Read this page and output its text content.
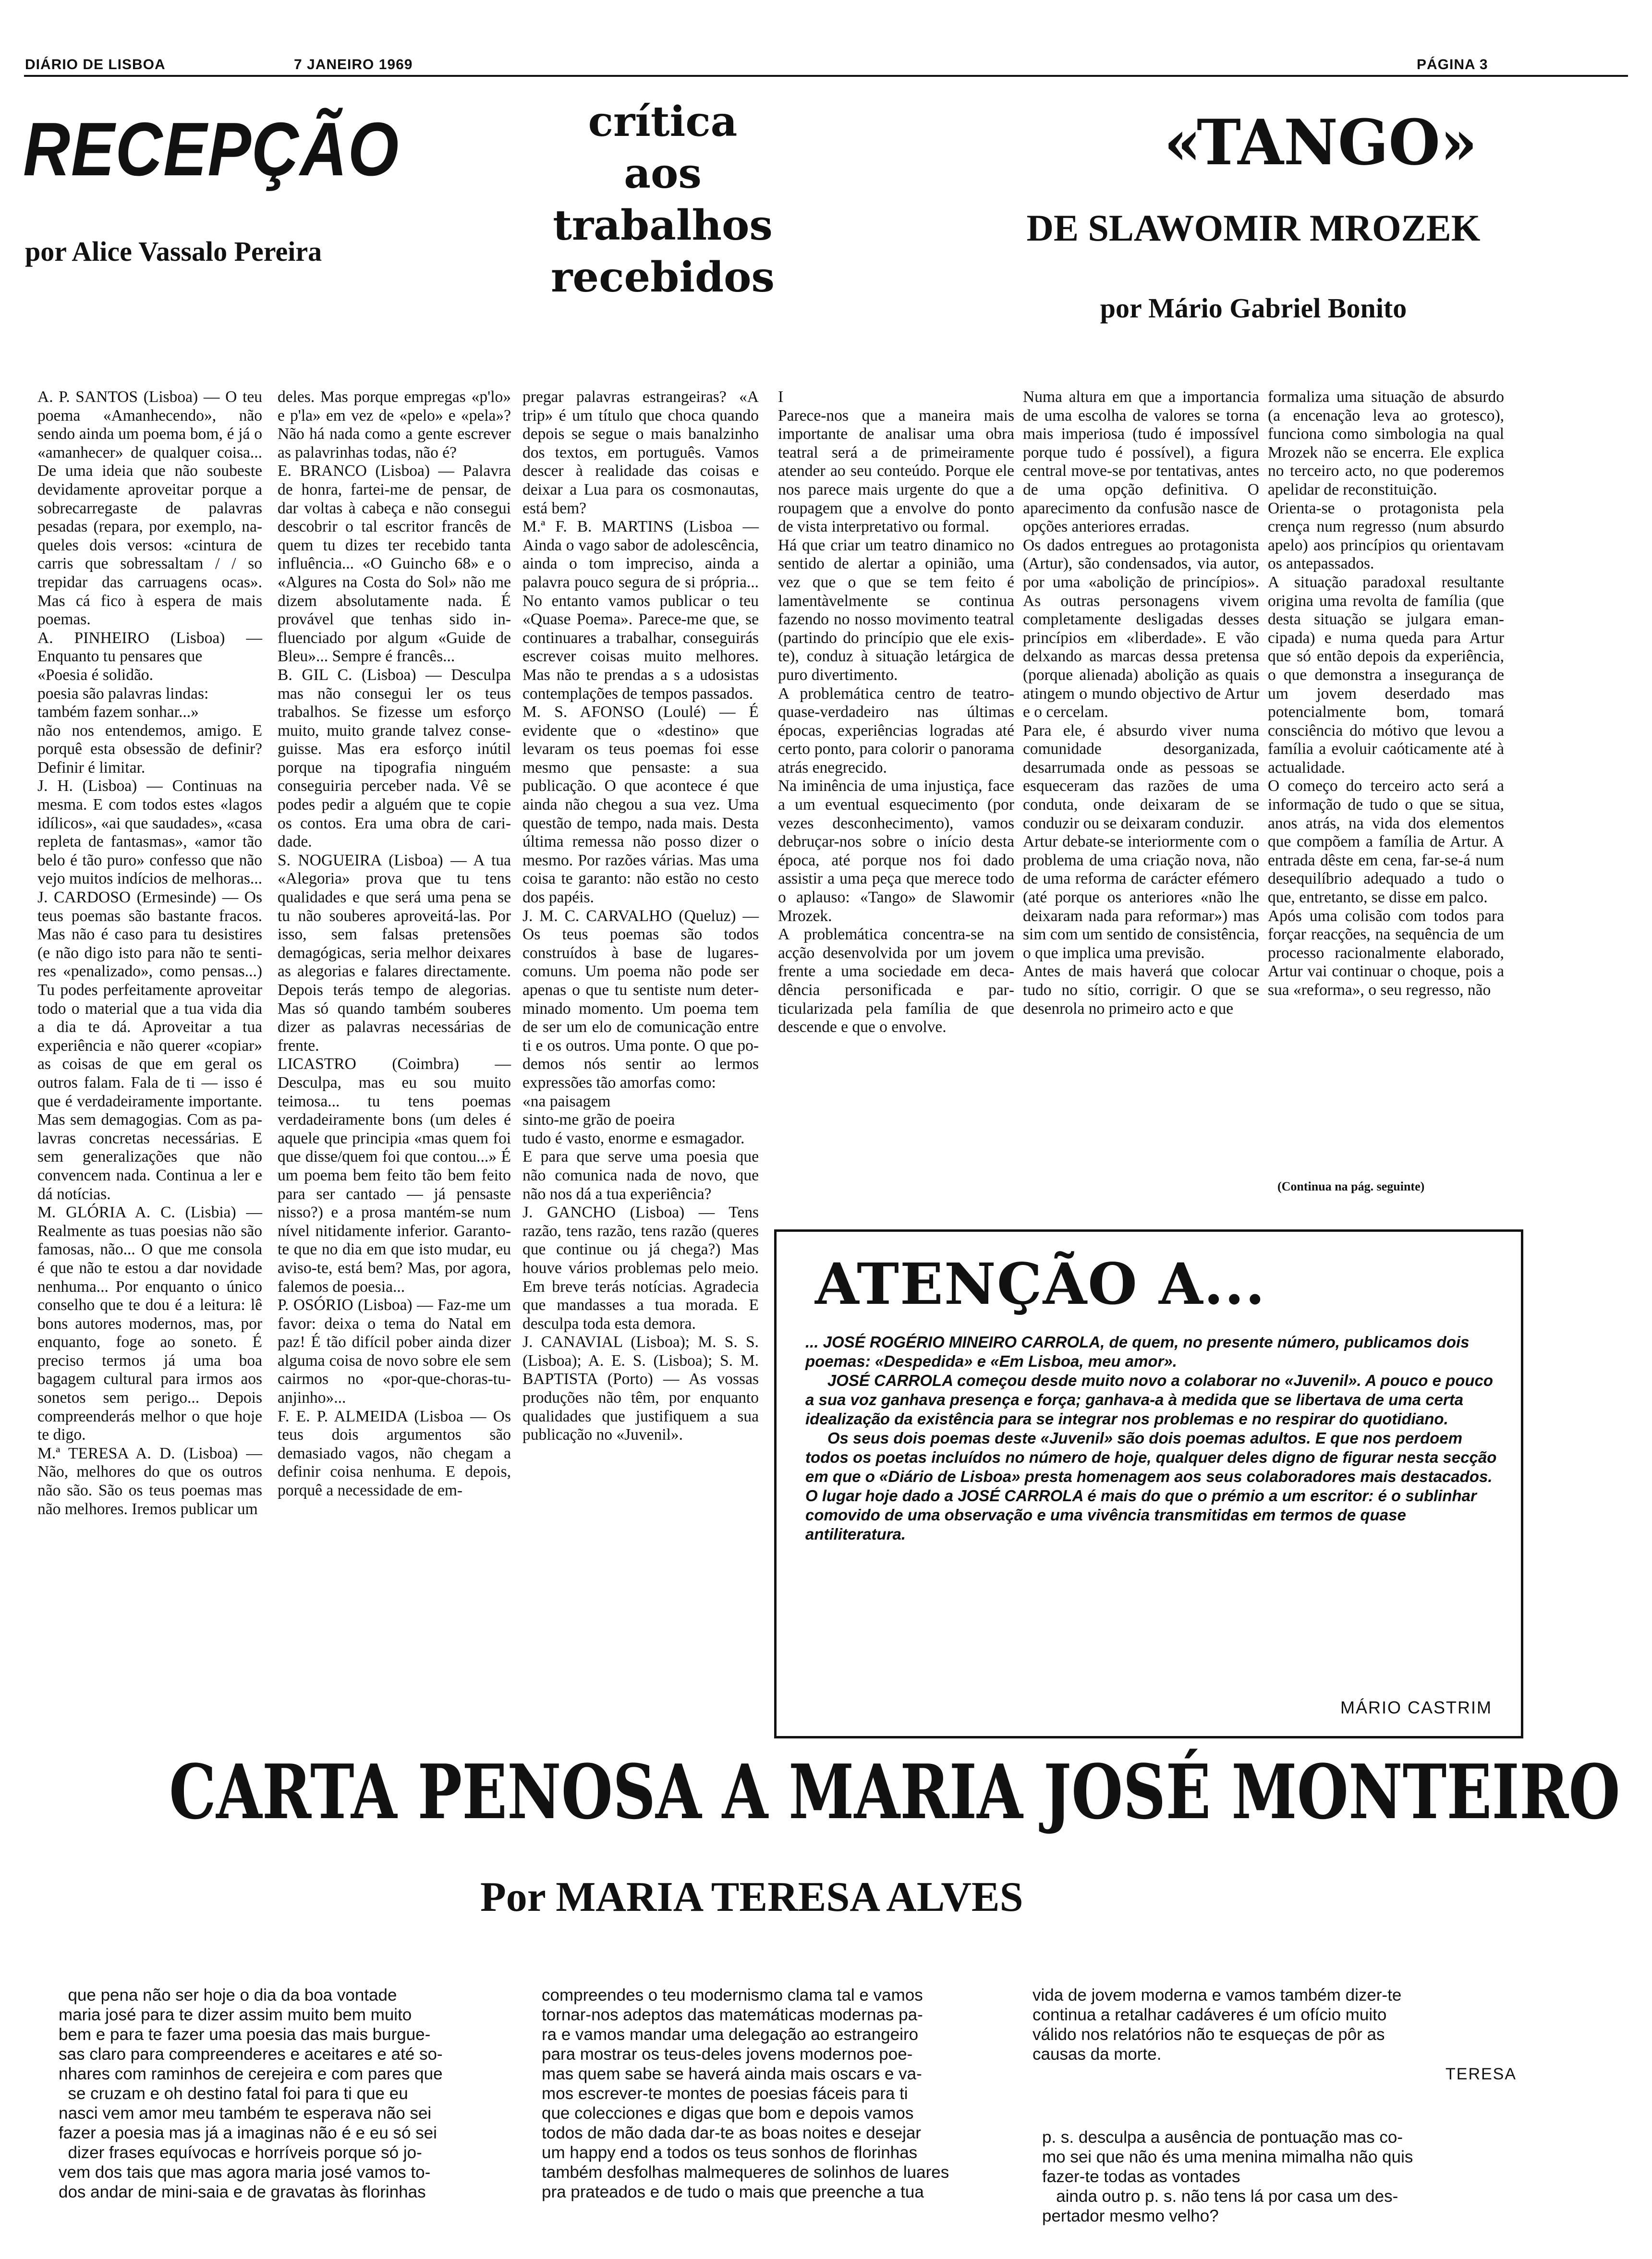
DIÁRIO DE LISBOA	7 JANEIRO 1969	PÁGINA 3
RECEPÇÃO
por Alice Vassalo Pereira
crítica
aos
trabalhos
recebidos
«TANGO»
DE SLAWOMIR MROZEK
por Mário Gabriel Bonito
A. P. SANTOS (Lisboa) — O teu poema «Amanhecendo», não sendo ainda um poema bom, é já o «amanhecer» de qualquer coisa... De uma ideia que não soubeste devidamente aproveitar porque a sobrecarregaste de palavras pesadas (repara, por exemplo, naqueles dois versos: «cintura de carris que sobressaltam / / so trepidar das carruagens ocas». Mas cá fico à espera de mais poemas.
A. PINHEIRO (Lisboa) — Enquanto tu pensares que
«Poesia é solidão.
poesia são palavras lindas:
também fazem sonhar...»
não nos entendemos, amigo. E porquê esta obsessão de definir? Definir é limitar.
J. H. (Lisboa) — Continuas na mesma. E com todos estes «lagos idílicos», «ai que saudades», «casa repleta de fantasmas», «amor tão belo é tão puro» confesso que não vejo muitos indícios de melhoras...
J. CARDOSO (Ermesinde) — Os teus poemas são bastante fracos. Mas não é caso para tu desistires (e não digo isto para não te sentires «penalizado», como pensas...) Tu podes perfeitamente aproveitar todo o material que a tua vida dia a dia te dá. Aproveitar a tua experiência e não querer «copiar» as coisas de que em geral os outros falam. Fala de ti — isso é que é verdadeiramente importante. Mas sem demagogias. Com as palavras concretas necessárias. E sem generalizações que não convencem nada. Continua a ler e dá notícias.
M. GLÓRIA A. C. (Lisbia) — Realmente as tuas poesias não são famosas, não... O que me consola é que não te estou a dar novidade nenhuma... Por enquanto o único conselho que te dou é a leitura: lê bons autores modernos, mas, por enquanto, foge ao soneto. É preciso termos já uma boa bagagem cultural para irmos aos sonetos sem perigo... Depois compreenderás melhor o que hoje te digo.
M.ª TERESA A. D. (Lisboa) — Não, melhores do que os outros não são. São os teus poemas mas não melhores. Iremos publicar um
deles. Mas porque empregas «p'lo» e p'la» em vez de «pelo» e «pela»? Não há nada como a gente escrever as palavrinhas todas, não é?
E. BRANCO (Lisboa) — Palavra de honra, fartei-me de pensar, de dar voltas à cabeça e não consegui descobrir o tal escritor francês de quem tu dizes ter recebido tanta influência... «O Guincho 68» e o «Algures na Costa do Sol» não me dizem absolutamente nada. É provável que tenhas sido influenciado por algum «Guide de Bleu»... Sempre é francês...
B. GIL C. (Lisboa) — Desculpa mas não consegui ler os teus trabalhos. Se fizesse um esforço muito, muito grande talvez conseguisse. Mas era esforço inútil porque na tipografia ninguém conseguiria perceber nada. Vê se podes pedir a alguém que te copie os contos. Era uma obra de caridade.
S. NOGUEIRA (Lisboa) — A tua «Alegoria» prova que tu tens qualidades e que será uma pena se tu não souberes aproveitá-las. Por isso, sem falsas pretensões demagógicas, seria melhor deixares as alegorias e falares directamente. Depois terás tempo de alegorias. Mas só quando também souberes dizer as palavras necessárias de frente.
LICASTRO (Coimbra) — Desculpa, mas eu sou muito teimosa... tu tens poemas verdadeiramente bons (um deles é aquele que principia «mas quem foi que disse/quem foi que contou...» É um poema bem feito tão bem feito para ser cantado — já pensaste nisso?) e a prosa mantém-se num nível nitidamente inferior. Garanto-te que no dia em que isto mudar, eu aviso-te, está bem? Mas, por agora, falemos de poesia...
P. OSÓRIO (Lisboa) — Faz-me um favor: deixa o tema do Natal em paz! É tão difícil pober ainda dizer alguma coisa de novo sobre ele sem cairmos no «por-que-choras-tu-anjinho»...
F. E. P. ALMEIDA (Lisboa — Os teus dois argumentos são demasiado vagos, não chegam a definir coisa nenhuma. E depois, porquê a necessidade de em-
pregar palavras estrangeiras? «A trip» é um título que choca quando depois se segue o mais banalzinho dos textos, em português. Vamos descer à realidade das coisas e deixar a Lua para os cosmonautas, está bem?
M.ª F. B. MARTINS (Lisboa — Ainda o vago sabor de adolescência, ainda o tom impreciso, ainda a palavra pouco segura de si própria... No entanto vamos publicar o teu «Quase Poema». Parece-me que, se continuares a trabalhar, conseguirás escrever coisas muito melhores. Mas não te prendas a s a udosistas contemplações de tempos passados.
M. S. AFONSO (Loulé) — É evidente que o «destino» que levaram os teus poemas foi esse mesmo que pensaste: a sua publicação. O que acontece é que ainda não chegou a sua vez. Uma questão de tempo, nada mais. Desta última remessa não posso dizer o mesmo. Por razões várias. Mas uma coisa te garanto: não estão no cesto dos papéis.
J. M. C. CARVALHO (Queluz) — Os teus poemas são todos construídos à base de lugares-comuns. Um poema não pode ser apenas o que tu sentiste num determinado momento. Um poema tem de ser um elo de comunicação entre ti e os outros. Uma ponte. O que podemos nós sentir ao lermos expressões tão amorfas como:
«na paisagem
sinto-me grão de poeira
tudo é vasto, enorme e esmagador.
E para que serve uma poesia que não comunica nada de novo, que não nos dá a tua experiência?
J. GANCHO (Lisboa) — Tens razão, tens razão, tens razão (queres que continue ou já chega?) Mas houve vários problemas pelo meio. Em breve terás notícias. Agradecia que mandasses a tua morada. E desculpa toda esta demora.
J. CANAVIAL (Lisboa); M. S. S. (Lisboa); A. E. S. (Lisboa); S. M. BAPTISTA (Porto) — As vossas produções não têm, por enquanto qualidades que justifiquem a sua publicação no «Juvenil».
I
Parece-nos que a maneira mais importante de analisar uma obra teatral será a de primeiramente atender ao seu conteúdo. Porque ele nos parece mais urgente do que a roupagem que a envolve do ponto de vista interpretativo ou formal.
Há que criar um teatro dinamico no sentido de alertar a opinião, uma vez que o que se tem feito é lamentàvelmente se continua fazendo no nosso movimento teatral (partindo do princípio que ele existe), conduz à situação letárgica de puro divertimento.
A problemática centro de teatro-quase-verdadeiro nas últimas épocas, experiências logradas até certo ponto, para colorir o panorama atrás enegrecido.
Na iminência de uma injustiça, face a um eventual esquecimento (por vezes desconhecimento), vamos debruçar-nos sobre o início desta época, até porque nos foi dado assistir a uma peça que merece todo o aplauso: «Tango» de Slawomir Mrozek.
A problemática concentra-se na acção desenvolvida por um jovem frente a uma sociedade em decadência personificada e particularizada pela família de que descende e que o envolve.
Numa altura em que a importancia de uma escolha de valores se torna mais imperiosa (tudo é impossível porque tudo é possível), a figura central move-se por tentativas, antes de uma opção definitiva. O aparecimento da confusão nasce de opções anteriores erradas.
Os dados entregues ao protagonista (Artur), são condensados, via autor, por uma «abolição de princípios». As outras personagens vivem completamente desligadas desses princípios em «liberdade». E vão delxando as marcas dessa pretensa (porque alienada) abolição as quais atingem o mundo objectivo de Artur e o cercelam.
Para ele, é absurdo viver numa comunidade desorganizada, desarrumada onde as pessoas se esqueceram das razões de uma conduta, onde deixaram de se conduzir ou se deixaram conduzir.
Artur debate-se interiormente com o problema de uma criação nova, não de uma reforma de carácter efémero (até porque os anteriores «não lhe deixaram nada para reformar») mas sim com um sentido de consistência, o que implica uma previsão.
Antes de mais haverá que colocar tudo no sítio, corrigir. O que se desenrola no primeiro acto e que
formaliza uma situação de absurdo (a encenação leva ao grotesco), funciona como simbologia na qual Mrozek não se encerra. Ele explica no terceiro acto, no que poderemos apelidar de reconstituição.
Orienta-se o protagonista pela crença num regresso (num absurdo apelo) aos princípios qu orientavam os antepassados.
A situação paradoxal resultante origina uma revolta de família (que desta situação se julgara emancipada) e numa queda para Artur que só então depois da experiência, o que demonstra a insegurança de um jovem deserdado mas potencialmente bom, tomará consciência do mótivo que levou a família a evoluir caóticamente até à actualidade.
O começo do terceiro acto será a informação de tudo o que se situa, anos atrás, na vida dos elementos que compõem a família de Artur. A entrada dêste em cena, far-se-á num desequilíbrio adequado a tudo o que, entretanto, se disse em palco.
Após uma colisão com todos para forçar reacções, na sequência de um processo racionalmente elaborado, Artur vai continuar o choque, pois a sua «reforma», o seu regresso, não
(Continua na pág. seguinte)
ATENÇÃO A...
... JOSÉ ROGÉRIO MINEIRO CARROLA, de quem, no presente número, publicamos dois poemas: «Despedida» e «Em Lisboa, meu amor».
JOSÉ CARROLA começou desde muito novo a colaborar no «Juvenil». A pouco e pouco a sua voz ganhava presença e força; ganhava-a à medida que se libertava de uma certa idealização da existência para se integrar nos problemas e no respirar do quotidiano.
Os seus dois poemas deste «Juvenil» são dois poemas adultos. E que nos perdoem todos os poetas incluídos no número de hoje, qualquer deles digno de figurar nesta secção em que o «Diário de Lisboa» presta homenagem aos seus colaboradores mais destacados. O lugar hoje dado a JOSÉ CARROLA é mais do que o prémio a um escritor: é o sublinhar comovido de uma observação e uma vivência transmitidas em termos de quase antiliteratura.
MÁRIO CASTRIM
CARTA PENOSA A MARIA JOSÉ MONTEIRO
Por MARIA TERESA ALVES
que pena não ser hoje o dia da boa vontade
maria josé para te dizer assim muito bem muito
bem e para te fazer uma poesia das mais burgue-
sas claro para compreenderes e aceitares e até so-
nhares com raminhos de cerejeira e com pares que
se cruzam e oh destino fatal foi para ti que eu
nasci vem amor meu também te esperava não sei
fazer a poesia mas já a imaginas não é e eu só sei
dizer frases equívocas e horríveis porque só jo-
vem dos tais que mas agora maria josé vamos to-
dos andar de mini-saia e de gravatas às florinhas
compreendes o teu modernismo clama tal e vamos
tornar-nos adeptos das matemáticas modernas pa-
ra e vamos mandar uma delegação ao estrangeiro
para mostrar os teus-deles jovens modernos poe-
mas quem sabe se haverá ainda mais oscars e va-
mos escrever-te montes de poesias fáceis para ti
que colecciones e digas que bom e depois vamos
todos de mão dada dar-te as boas noites e desejar
um happy end a todos os teus sonhos de florinhas
também desfolhas malmequeres de solinhos de luares
pra prateados e de tudo o mais que preenche a tua
vida de jovem moderna e vamos também dizer-te
continua a retalhar cadáveres é um ofício muito
válido nos relatórios não te esqueças de pôr as
causas da morte.
TERESA
p. s. desculpa a ausência de pontuação mas co-
mo sei que não és uma menina mimalha não quis
fazer-te todas as vontades
ainda outro p. s. não tens lá por casa um des-
pertador mesmo velho?
